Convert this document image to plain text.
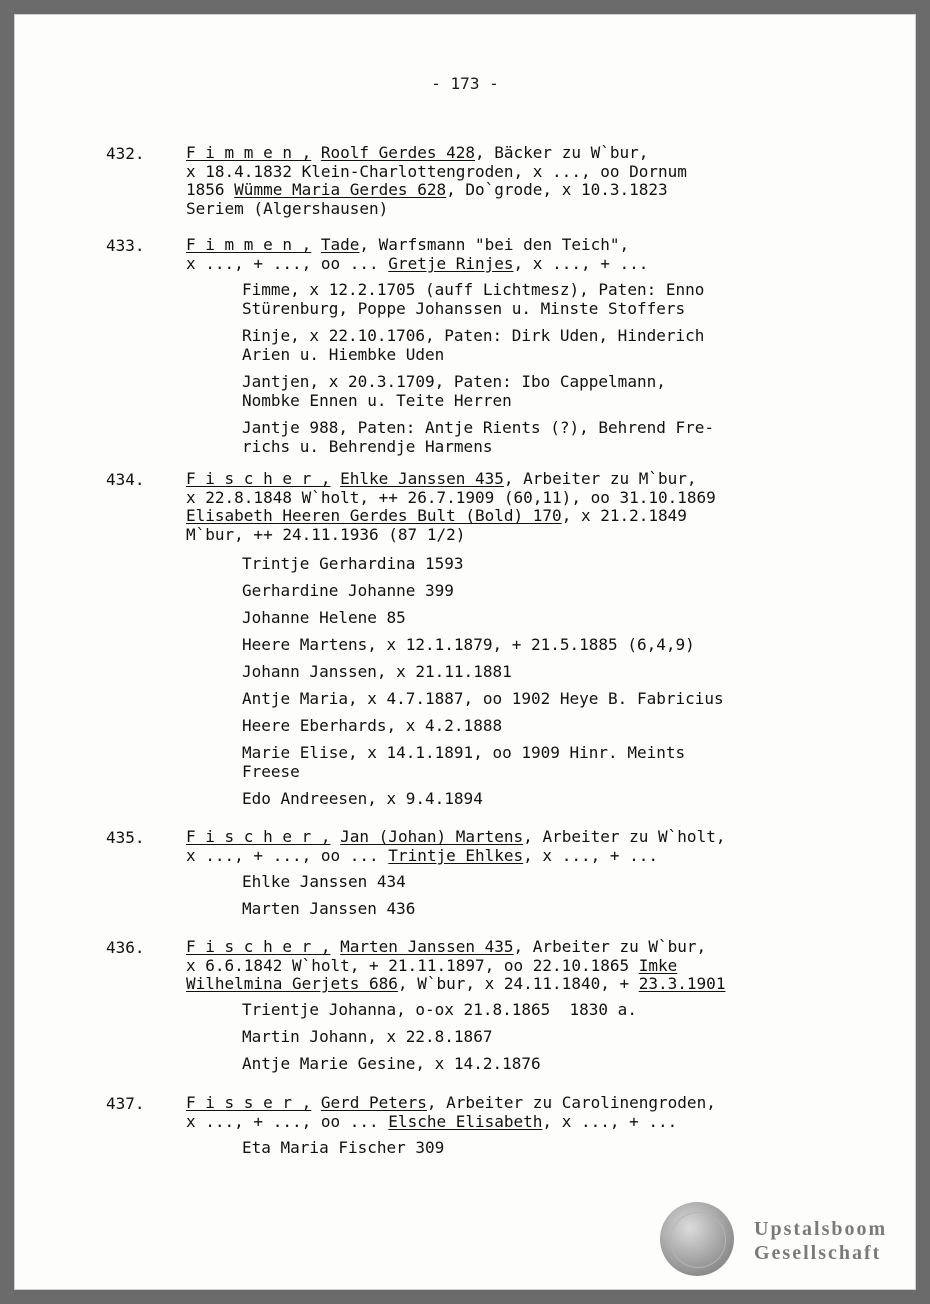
- 173 -
432.	F i m m e n , Roolf Gerdes 428, Bäcker zu W`bur,
x 18.4.1832 Klein-Charlottengroden, x ..., oo Dornum
1856 Wümme Maria Gerdes 628, Do`grode, x 10.3.1823
Seriem (Algershausen)
433.	F i m m e n , Tade, Warfsmann "bei den Teich",
x ..., + ..., oo ... Gretje Rinjes, x ..., + ...
Fimme, x 12.2.1705 (auff Lichtmesz), Paten: Enno
Stürenburg, Poppe Johanssen u. Minste Stoffers
Rinje, x 22.10.1706, Paten: Dirk Uden, Hinderich
Arien u. Hiembke Uden
Jantjen, x 20.3.1709, Paten: Ibo Cappelmann,
Nombke Ennen u. Teite Herren
Jantje 988, Paten: Antje Rients (?), Behrend Fre-
richs u. Behrendje Harmens
434.	F i s c h e r , Ehlke Janssen 435, Arbeiter zu M`bur,
x 22.8.1848 W`holt, ++ 26.7.1909 (60,11), oo 31.10.1869
Elisabeth Heeren Gerdes Bult (Bold) 170, x 21.2.1849
M`bur, ++ 24.11.1936 (87 1/2)
Trintje Gerhardina 1593
Gerhardine Johanne 399
Johanne Helene 85
Heere Martens, x 12.1.1879, + 21.5.1885 (6,4,9)
Johann Janssen, x 21.11.1881
Antje Maria, x 4.7.1887, oo 1902 Heye B. Fabricius
Heere Eberhards, x 4.2.1888
Marie Elise, x 14.1.1891, oo 1909 Hinr. Meints
Freese
Edo Andreesen, x 9.4.1894
435.	F i s c h e r , Jan (Johan) Martens, Arbeiter zu W`holt,
x ..., + ..., oo ... Trintje Ehlkes, x ..., + ...
Ehlke Janssen 434
Marten Janssen 436
436.	F i s c h e r , Marten Janssen 435, Arbeiter zu W`bur,
x 6.6.1842 W`holt, + 21.11.1897, oo 22.10.1865 Imke
Wilhelmina Gerjets 686, W`bur, x 24.11.1840, + 23.3.1901
Trientje Johanna, o-ox 21.8.1865  1830 a.
Martin Johann, x 22.8.1867
Antje Marie Gesine, x 14.2.1876
437.	F i s s e r , Gerd Peters, Arbeiter zu Carolinengroden,
x ..., + ..., oo ... Elsche Elisabeth, x ..., + ...
Eta Maria Fischer 309
Upstalsboom
Gesellschaft
